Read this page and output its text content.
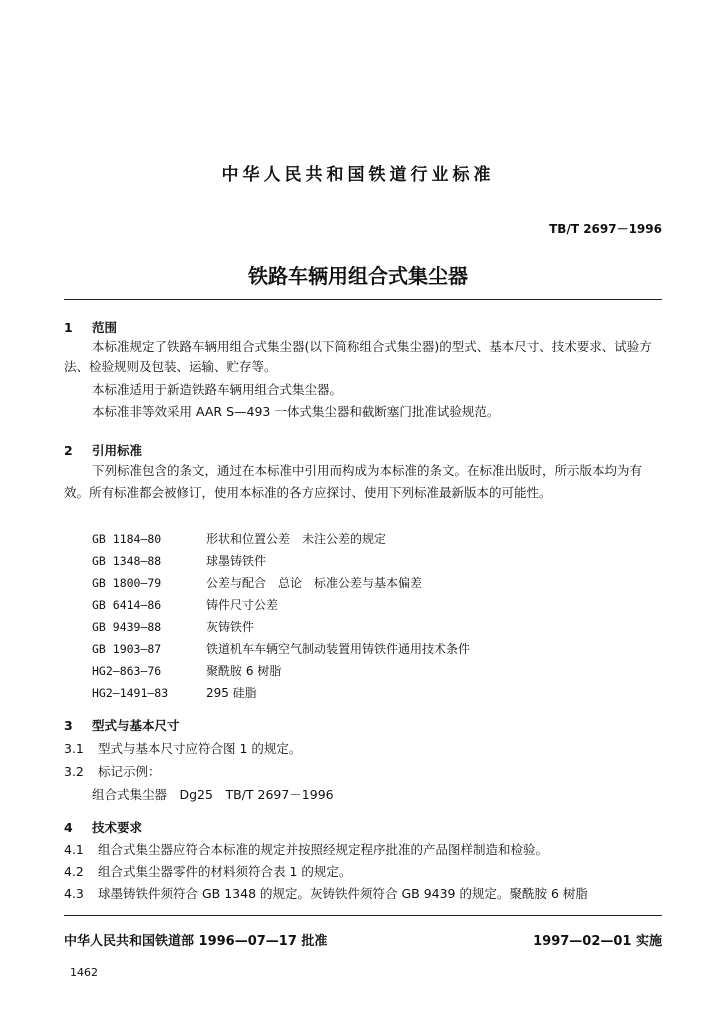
中华人民共和国铁道行业标准
TB/T 2697－1996
铁路车辆用组合式集尘器
1 范围
本标准规定了铁路车辆用组合式集尘器(以下简称组合式集尘器)的型式、基本尺寸、技术要求、试验方法、检验规则及包装、运输、贮存等。
本标准适用于新造铁路车辆用组合式集尘器。
本标准非等效采用 AAR S—493 一体式集尘器和截断塞门批准试验规范。
2 引用标准
下列标准包含的条文，通过在本标准中引用而构成为本标准的条文。在标准出版时，所示版本均为有效。所有标准都会被修订，使用本标准的各方应探讨、使用下列标准最新版本的可能性。
GB 1184—80	形状和位置公差　未注公差的规定
GB 1348—88	球墨铸铁件
GB 1800—79	公差与配合　总论　标准公差与基本偏差
GB 6414—86	铸件尺寸公差
GB 9439—88	灰铸铁件
GB 1903—87	铁道机车车辆空气制动装置用铸铁件通用技术条件
HG2—863—76	聚酰胺 6 树脂
HG2—1491—83	295 硅脂
3 型式与基本尺寸
3.1 型式与基本尺寸应符合图 1 的规定。
3.2 标记示例：
组合式集尘器　Dg25　TB/T 2697－1996
4 技术要求
4.1 组合式集尘器应符合本标准的规定并按照经规定程序批准的产品图样制造和检验。
4.2 组合式集尘器零件的材料须符合表 1 的规定。
4.3 球墨铸铁件须符合 GB 1348 的规定。灰铸铁件须符合 GB 9439 的规定。聚酰胺 6 树脂
中华人民共和国铁道部 1996—07—17 批准	1997—02—01 实施
1462
